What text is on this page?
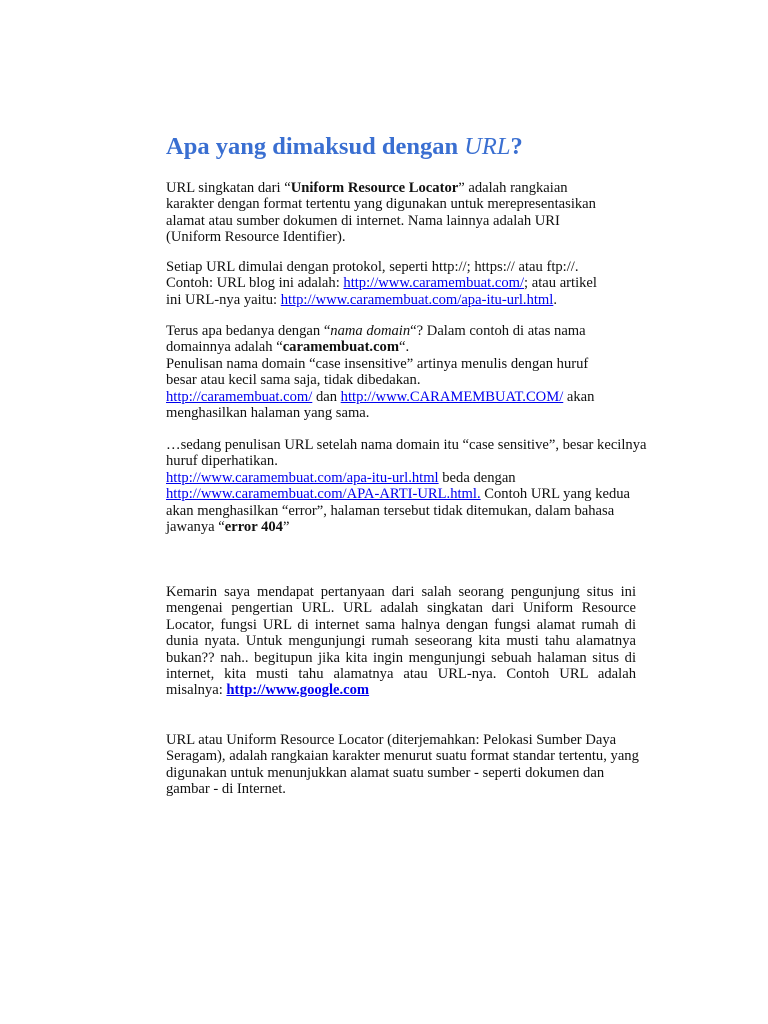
Apa yang dimaksud dengan URL?

URL singkatan dari “Uniform Resource Locator” adalah rangkaian karakter dengan format tertentu yang digunakan untuk merepresentasikan alamat atau sumber dokumen di internet. Nama lainnya adalah URI (Uniform Resource Identifier).

Setiap URL dimulai dengan protokol, seperti http://; https:// atau ftp://.
Contoh: URL blog ini adalah: http://www.caramembuat.com/; atau artikel ini URL-nya yaitu: http://www.caramembuat.com/apa-itu-url.html.

Terus apa bedanya dengan “nama domain“? Dalam contoh di atas nama domainnya adalah “caramembuat.com“.
Penulisan nama domain “case insensitive” artinya menulis dengan huruf besar atau kecil sama saja, tidak dibedakan.
http://caramembuat.com/ dan http://www.CARAMEMBUAT.COM/ akan menghasilkan halaman yang sama.

…sedang penulisan URL setelah nama domain itu “case sensitive”, besar kecilnya huruf diperhatikan.
http://www.caramembuat.com/apa-itu-url.html beda dengan
http://www.caramembuat.com/APA-ARTI-URL.html. Contoh URL yang kedua akan menghasilkan “error”, halaman tersebut tidak ditemukan, dalam bahasa jawanya “error 404”

Kemarin saya mendapat pertanyaan dari salah seorang pengunjung situs ini mengenai pengertian URL. URL adalah singkatan dari Uniform Resource Locator, fungsi URL di internet sama halnya dengan fungsi alamat rumah di dunia nyata. Untuk mengunjungi rumah seseorang kita musti tahu alamatnya bukan?? nah.. begitupun jika kita ingin mengunjungi sebuah halaman situs di internet, kita musti tahu alamatnya atau URL-nya. Contoh URL adalah misalnya: http://www.google.com

URL atau Uniform Resource Locator (diterjemahkan: Pelokasi Sumber Daya Seragam), adalah rangkaian karakter menurut suatu format standar tertentu, yang digunakan untuk menunjukkan alamat suatu sumber - seperti dokumen dan gambar - di Internet.
